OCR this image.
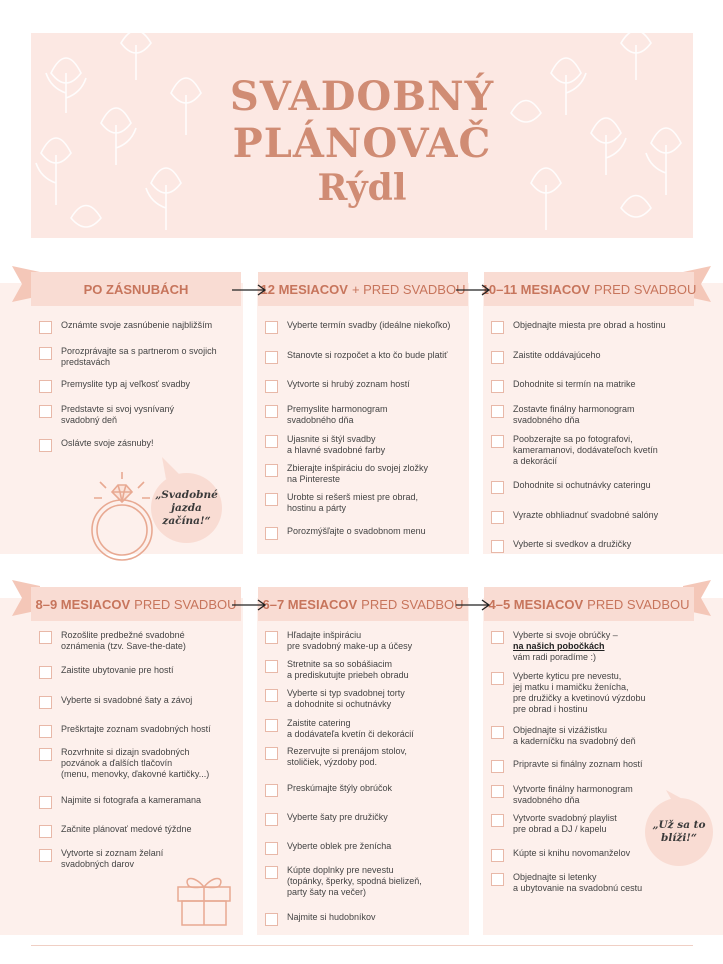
SVADOBNÝ
PLÁNOVAČ
Rýdl
PO ZÁSNUBÁCH	12 MESIACOV + PRED SVADBOU 10–11 MESIACOV PRED SVADBOU
8–9 MESIACOV PRED SVADBOU 6–7 MESIACOV PRED SVADBOU 4–5 MESIACOV PRED SVADBOU
Oznámte svoje zasnúbenie najbližším
Porozprávajte sa s partnerom o svojich
predstavách
Premyslite typ aj veľkosť svadby
Predstavte si svoj vysnívaný
svadobný deň
Oslávte svoje zásnuby!
Vyberte termín svadby (ideálne niekoľko)
Stanovte si rozpočet a kto čo bude platiť
Vytvorte si hrubý zoznam hostí
Premyslite harmonogram
svadobného dňa
Ujasnite si štýl svadby
a hlavné svadobné farby
Zbierajte inšpiráciu do svojej zložky
na Pintereste
Urobte si rešerš miest pre obrad,
hostinu a párty
Porozmýšľajte o svadobnom menu
Objednajte miesta pre obrad a hostinu
Zaistite oddávajúceho
Dohodnite si termín na matrike
Zostavte finálny harmonogram
svadobného dňa
Poobzerajte sa po fotografovi,
kameramanovi, dodávateľoch kvetín
a dekorácií
Dohodnite si ochutnávky cateringu
Vyrazte obhliadnuť svadobné salóny
Vyberte si svedkov a družičky
Rozošlite predbežné svadobné
oznámenia (tzv. Save-the-date)
Zaistite ubytovanie pre hostí
Vyberte si svadobné šaty a závoj
Preškrtajte zoznam svadobných hostí
Rozvrhnite si dizajn svadobných
pozvánok a ďalších tlačovín
(menu, menovky, ďakovné kartičky...)
Najmite si fotografa a kameramana
Začnite plánovať medové týždne
Vytvorte si zoznam želaní
svadobných darov
Hľadajte inšpiráciu
pre svadobný make-up a účesy
Stretnite sa so sobášiacim
a prediskutujte priebeh obradu
Vyberte si typ svadobnej torty
a dohodnite si ochutnávky
Zaistite catering
a dodávateľa kvetín či dekorácií
Rezervujte si prenájom stolov,
stoličiek, výzdoby pod.
Preskúmajte štýly obrúčok
Vyberte šaty pre družičky
Vyberte oblek pre ženícha
Kúpte doplnky pre nevestu
(topánky, šperky, spodná bielizeň,
party šaty na večer)
Najmite si hudobníkov
Vyberte si svoje obrúčky –
na našich pobočkách
vám radi poradíme :)
Vyberte kyticu pre nevestu,
jej matku i mamičku ženícha,
pre družičky a kvetinovú výzdobu
pre obrad i hostinu
Objednajte si vizážistku
a kaderníčku na svadobný deň
Pripravte si finálny zoznam hostí
Vytvorte finálny harmonogram
svadobného dňa
Vytvorte svadobný playlist
pre obrad a DJ / kapelu
Kúpte si knihu novomanželov
Objednajte si letenky
a ubytovanie na svadobnú cestu
„Svadobné
jazda
začína!“
„Už sa to
blíži!“
